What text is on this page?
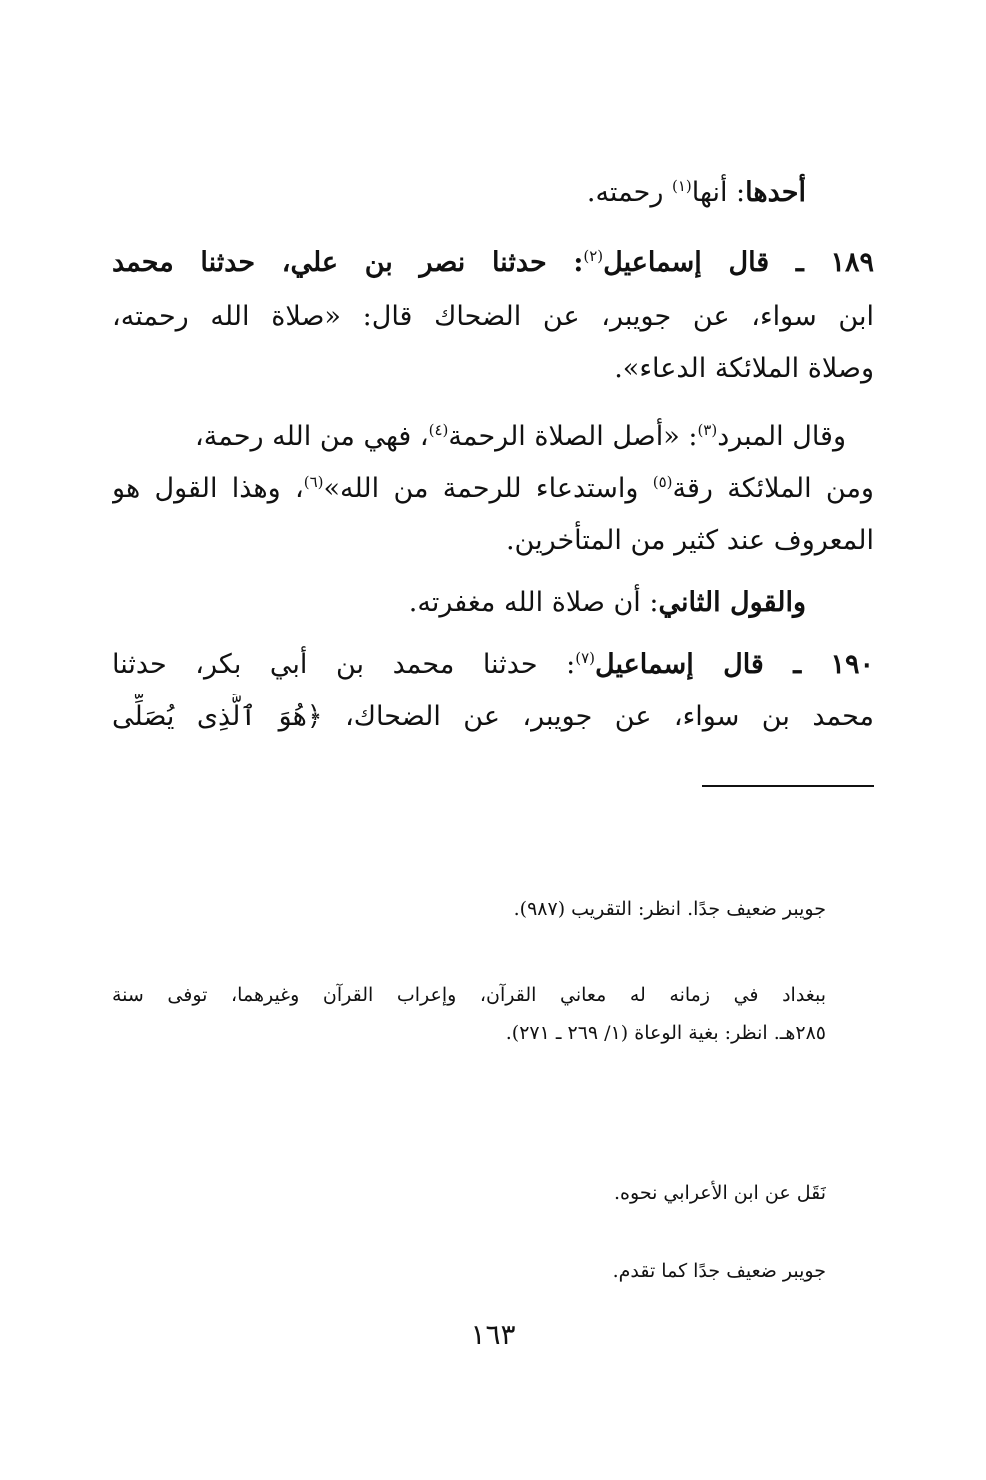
أحدها: أنها$^{(١)}$ رحمته.
١٨٩ ـ قال إسماعيل$^{(٢)}$: حدثنا نصر بن علي، حدثنا محمد
ابن سواء، عن جويبر، عن الضحاك قال: «صلاة الله رحمته،
وصلاة الملائكة الدعاء».
وقال المبرد$^{(٣)}$: «أصل الصلاة الرحمة$^{(٤)}$، فهي من الله رحمة،
ومن الملائكة رقة$^{(٥)}$ واستدعاء للرحمة من الله»$^{(٦)}$، وهذا القول هو
المعروف عند كثير من المتأخرين.
والقول الثاني: أن صلاة الله مغفرته.
١٩٠ ـ قال إسماعيل$^{(٧)}$: حدثنا محمد بن أبي بكر، حدثنا
محمد بن سواء، عن جويبر، عن الضحاك، ﴿هُوَ ٱلَّذِى يُصَلِّى
جويبر ضعيف جدًا. انظر: التقريب (٩٨٧).
ببغداد في زمانه له معاني القرآن، وإعراب القرآن وغيرهما، توفى سنة
٢٨٥هـ. انظر: بغية الوعاة (١/ ٢٦٩ ـ ٢٧١).
نَقَل عن ابن الأعرابي نحوه.
جويبر ضعيف جدًا كما تقدم.
١٦٣
